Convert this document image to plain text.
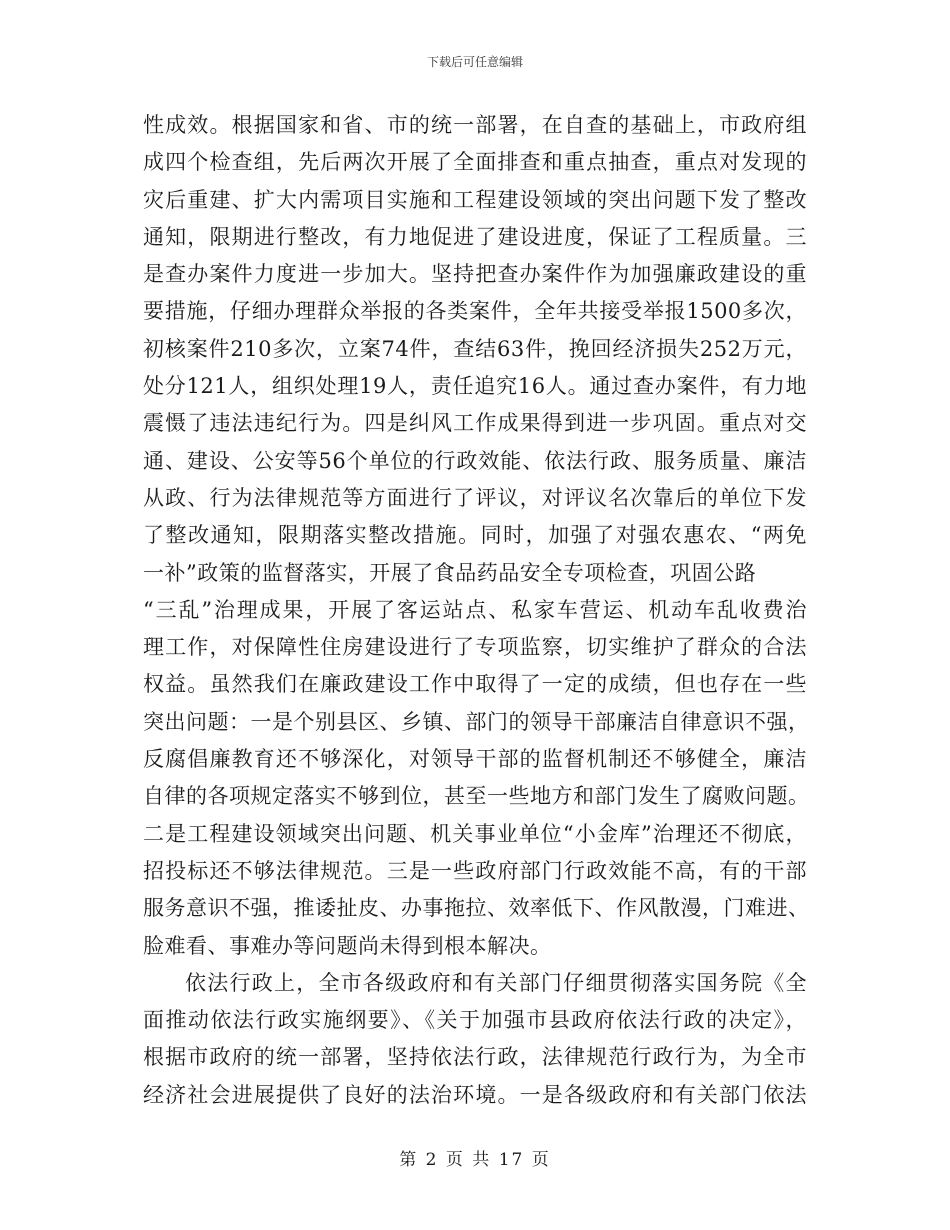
下载后可任意编辑
性成效。根据国家和省、市的统一部署，在自查的基础上，市政府组
成四个检查组，先后两次开展了全面排查和重点抽查，重点对发现的
灾后重建、扩大内需项目实施和工程建设领域的突出问题下发了整改
通知，限期进行整改，有力地促进了建设进度，保证了工程质量。三
是查办案件力度进一步加大。坚持把查办案件作为加强廉政建设的重
要措施，仔细办理群众举报的各类案件，全年共接受举报1500多次，
初核案件210多次，立案74件，查结63件，挽回经济损失252万元，
处分121人，组织处理19人，责任追究16人。通过查办案件，有力地
震慑了违法违纪行为。四是纠风工作成果得到进一步巩固。重点对交
通、建设、公安等56个单位的行政效能、依法行政、服务质量、廉洁
从政、行为法律规范等方面进行了评议，对评议名次靠后的单位下发
了整改通知，限期落实整改措施。同时，加强了对强农惠农、“两免
一补”政策的监督落实，开展了食品药品安全专项检查，巩固公路
“三乱”治理成果，开展了客运站点、私家车营运、机动车乱收费治
理工作，对保障性住房建设进行了专项监察，切实维护了群众的合法
权益。虽然我们在廉政建设工作中取得了一定的成绩，但也存在一些
突出问题：一是个别县区、乡镇、部门的领导干部廉洁自律意识不强，
反腐倡廉教育还不够深化，对领导干部的监督机制还不够健全，廉洁
自律的各项规定落实不够到位，甚至一些地方和部门发生了腐败问题。
二是工程建设领域突出问题、机关事业单位“小金库”治理还不彻底，
招投标还不够法律规范。三是一些政府部门行政效能不高，有的干部
服务意识不强，推诿扯皮、办事拖拉、效率低下、作风散漫，门难进、
脸难看、事难办等问题尚未得到根本解决。
依法行政上，全市各级政府和有关部门仔细贯彻落实国务院《全
面推动依法行政实施纲要》、《关于加强市县政府依法行政的决定》，
根据市政府的统一部署，坚持依法行政，法律规范行政行为，为全市
经济社会进展提供了良好的法治环境。一是各级政府和有关部门依法
第 2 页 共 17 页
